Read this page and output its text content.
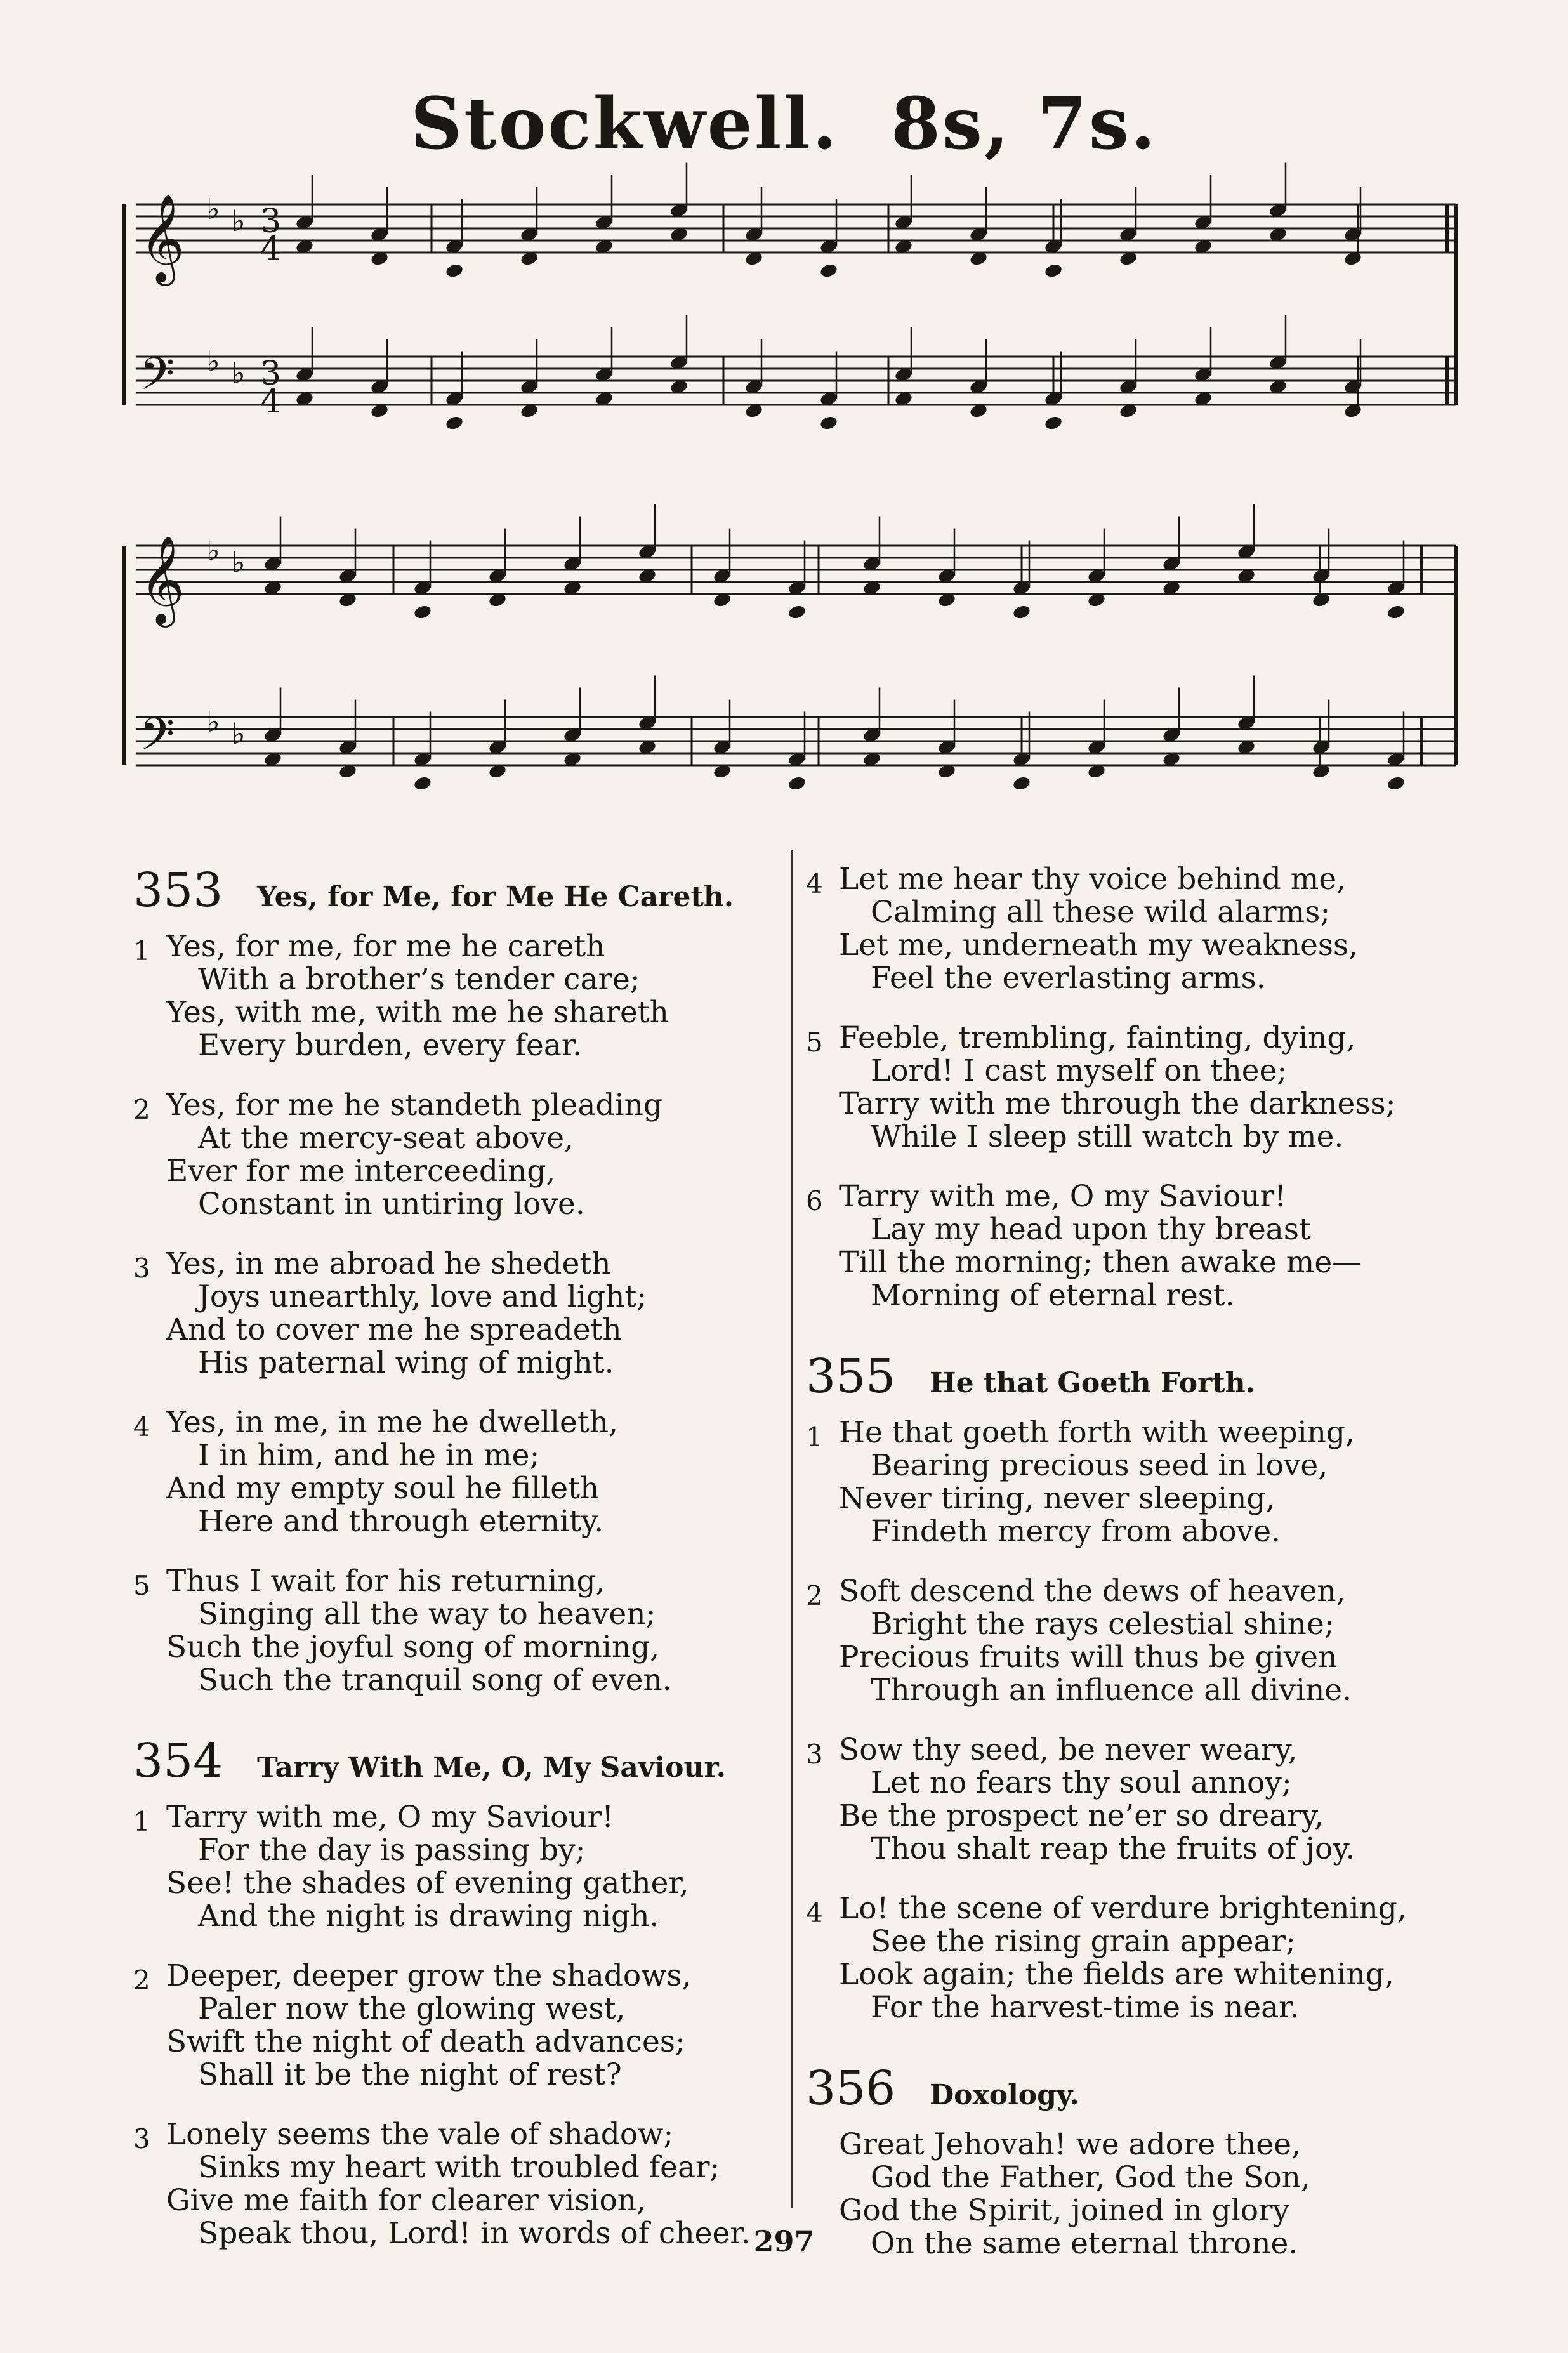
Stockwell. 8s, 7s.
𝄞 ♭ ♭ 3
4
𝄢 ♭ ♭ 3
4
𝄞 ♭ ♭
𝄢 ♭ ♭
353	Yes, for Me, for Me He Careth.
1 Yes, for me, for me he careth
With a brother’s tender care;
Yes, with me, with me he shareth
Every burden, every fear.
2 Yes, for me he standeth pleading
At the mercy-seat above,
Ever for me interceeding,
Constant in untiring love.
3 Yes, in me abroad he shedeth
Joys unearthly, love and light;
And to cover me he spreadeth
His paternal wing of might.
4 Yes, in me, in me he dwelleth,
I in him, and he in me;
And my empty soul he filleth
Here and through eternity.
5 Thus I wait for his returning,
Singing all the way to heaven;
Such the joyful song of morning,
Such the tranquil song of even.
354	Tarry With Me, O, My Saviour.
1 Tarry with me, O my Saviour!
For the day is passing by;
See! the shades of evening gather,
And the night is drawing nigh.
2 Deeper, deeper grow the shadows,
Paler now the glowing west,
Swift the night of death advances;
Shall it be the night of rest?
3 Lonely seems the vale of shadow;
Sinks my heart with troubled fear;
Give me faith for clearer vision,
Speak thou, Lord! in words of cheer.
4 Let me hear thy voice behind me,
Calming all these wild alarms;
Let me, underneath my weakness,
Feel the everlasting arms.
5 Feeble, trembling, fainting, dying,
Lord! I cast myself on thee;
Tarry with me through the darkness;
While I sleep still watch by me.
6 Tarry with me, O my Saviour!
Lay my head upon thy breast
Till the morning; then awake me—
Morning of eternal rest.
355	He that Goeth Forth.
1 He that goeth forth with weeping,
Bearing precious seed in love,
Never tiring, never sleeping,
Findeth mercy from above.
2 Soft descend the dews of heaven,
Bright the rays celestial shine;
Precious fruits will thus be given
Through an influence all divine.
3 Sow thy seed, be never weary,
Let no fears thy soul annoy;
Be the prospect ne’er so dreary,
Thou shalt reap the fruits of joy.
4 Lo! the scene of verdure brightening,
See the rising grain appear;
Look again; the fields are whitening,
For the harvest-time is near.
356	Doxology.
Great Jehovah! we adore thee,
God the Father, God the Son,
God the Spirit, joined in glory
On the same eternal throne.
297
